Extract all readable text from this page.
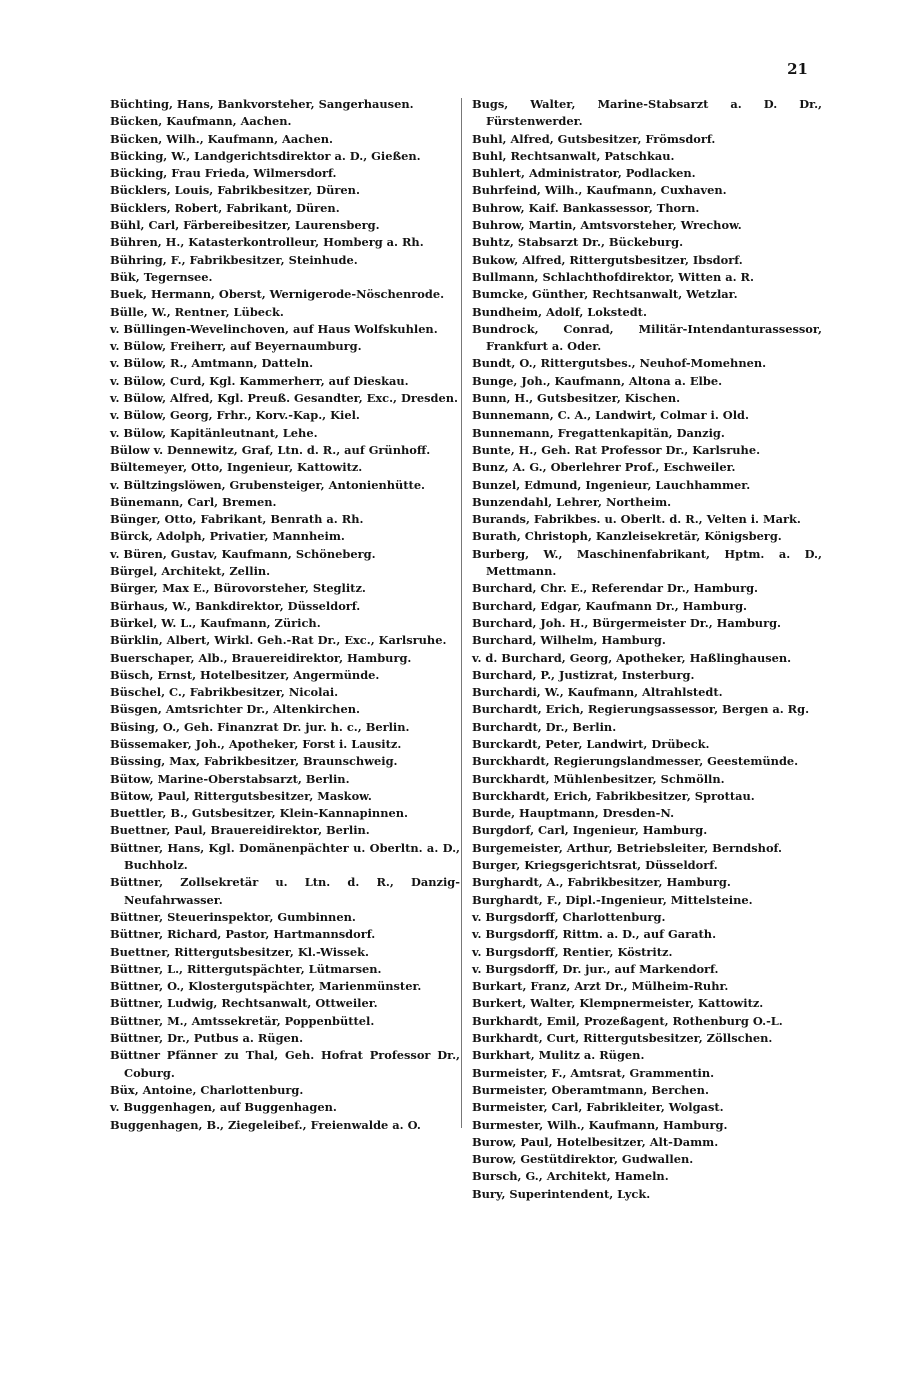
21
Büchting, Hans, Bankvorsteher, Sangerhausen.
Bücken, Kaufmann, Aachen.
Bücken, Wilh., Kaufmann, Aachen.
Bücking, W., Landgerichtsdirektor a. D., Gießen.
Bücking, Frau Frieda, Wilmersdorf.
Bücklers, Louis, Fabrikbesitzer, Düren.
Bücklers, Robert, Fabrikant, Düren.
Bühl, Carl, Färbereibesitzer, Laurensberg.
Bühren, H., Katasterkontrolleur, Homberg a. Rh.
Bühring, F., Fabrikbesitzer, Steinhude.
Bük, Tegernsee.
Buek, Hermann, Oberst, Wernigerode-Nöschenrode.
Bülle, W., Rentner, Lübeck.
v. Büllingen-Wevelinchoven, auf Haus Wolfskuhlen.
v. Bülow, Freiherr, auf Beyernaumburg.
v. Bülow, R., Amtmann, Datteln.
v. Bülow, Curd, Kgl. Kammerherr, auf Dieskau.
v. Bülow, Alfred, Kgl. Preuß. Gesandter, Exc., Dresden.
v. Bülow, Georg, Frhr., Korv.-Kap., Kiel.
v. Bülow, Kapitänleutnant, Lehe.
Bülow v. Dennewitz, Graf, Ltn. d. R., auf Grünhoff.
Bültemeyer, Otto, Ingenieur, Kattowitz.
v. Bültzingslöwen, Grubensteiger, Antonienhütte.
Bünemann, Carl, Bremen.
Bünger, Otto, Fabrikant, Benrath a. Rh.
Bürck, Adolph, Privatier, Mannheim.
v. Büren, Gustav, Kaufmann, Schöneberg.
Bürgel, Architekt, Zellin.
Bürger, Max E., Bürovorsteher, Steglitz.
Bürhaus, W., Bankdirektor, Düsseldorf.
Bürkel, W. L., Kaufmann, Zürich.
Bürklin, Albert, Wirkl. Geh.-Rat Dr., Exc., Karlsruhe.
Buerschaper, Alb., Brauereidirektor, Hamburg.
Büsch, Ernst, Hotelbesitzer, Angermünde.
Büschel, C., Fabrikbesitzer, Nicolai.
Büsgen, Amtsrichter Dr., Altenkirchen.
Büsing, O., Geh. Finanzrat Dr. jur. h. c., Berlin.
Büssemaker, Joh., Apotheker, Forst i. Lausitz.
Büssing, Max, Fabrikbesitzer, Braunschweig.
Bütow, Marine-Oberstabsarzt, Berlin.
Bütow, Paul, Rittergutsbesitzer, Maskow.
Buettler, B., Gutsbesitzer, Klein-Kannapinnen.
Buettner, Paul, Brauereidirektor, Berlin.
Büttner, Hans, Kgl. Domänenpächter u. Oberltn. a. D., Buchholz.
Büttner, Zollsekretär u. Ltn. d. R., Danzig-Neufahrwasser.
Büttner, Steuerinspektor, Gumbinnen.
Büttner, Richard, Pastor, Hartmannsdorf.
Buettner, Rittergutsbesitzer, Kl.-Wissek.
Büttner, L., Rittergutspächter, Lütmarsen.
Büttner, O., Klostergutspächter, Marienmünster.
Büttner, Ludwig, Rechtsanwalt, Ottweiler.
Büttner, M., Amtssekretär, Poppenbüttel.
Büttner, Dr., Putbus a. Rügen.
Büttner Pfänner zu Thal, Geh. Hofrat Professor Dr., Coburg.
Büx, Antoine, Charlottenburg.
v. Buggenhagen, auf Buggenhagen.
Buggenhagen, B., Ziegeleibef., Freienwalde a. O.
Bugs, Walter, Marine-Stabsarzt a. D. Dr., Fürstenwerder.
Buhl, Alfred, Gutsbesitzer, Frömsdorf.
Buhl, Rechtsanwalt, Patschkau.
Buhlert, Administrator, Podlacken.
Buhrfeind, Wilh., Kaufmann, Cuxhaven.
Buhrow, Kaif. Bankassessor, Thorn.
Buhrow, Martin, Amtsvorsteher, Wrechow.
Buhtz, Stabsarzt Dr., Bückeburg.
Bukow, Alfred, Rittergutsbesitzer, Ibsdorf.
Bullmann, Schlachthofdirektor, Witten a. R.
Bumcke, Günther, Rechtsanwalt, Wetzlar.
Bundheim, Adolf, Lokstedt.
Bundrock, Conrad, Militär-Intendanturassessor, Frankfurt a. Oder.
Bundt, O., Rittergutsbes., Neuhof-Momehnen.
Bunge, Joh., Kaufmann, Altona a. Elbe.
Bunn, H., Gutsbesitzer, Kischen.
Bunnemann, C. A., Landwirt, Colmar i. Old.
Bunnemann, Fregattenkapitän, Danzig.
Bunte, H., Geh. Rat Professor Dr., Karlsruhe.
Bunz, A. G., Oberlehrer Prof., Eschweiler.
Bunzel, Edmund, Ingenieur, Lauchhammer.
Bunzendahl, Lehrer, Northeim.
Burands, Fabrikbes. u. Oberlt. d. R., Velten i. Mark.
Burath, Christoph, Kanzleisekretär, Königsberg.
Burberg, W., Maschinenfabrikant, Hptm. a. D., Mettmann.
Burchard, Chr. E., Referendar Dr., Hamburg.
Burchard, Edgar, Kaufmann Dr., Hamburg.
Burchard, Joh. H., Bürgermeister Dr., Hamburg.
Burchard, Wilhelm, Hamburg.
v. d. Burchard, Georg, Apotheker, Haßlinghausen.
Burchard, P., Justizrat, Insterburg.
Burchardi, W., Kaufmann, Altrahlstedt.
Burchardt, Erich, Regierungsassessor, Bergen a. Rg.
Burchardt, Dr., Berlin.
Burckardt, Peter, Landwirt, Drübeck.
Burckhardt, Regierungslandmesser, Geestemünde.
Burckhardt, Mühlenbesitzer, Schmölln.
Burckhardt, Erich, Fabrikbesitzer, Sprottau.
Burde, Hauptmann, Dresden-N.
Burgdorf, Carl, Ingenieur, Hamburg.
Burgemeister, Arthur, Betriebsleiter, Berndshof.
Burger, Kriegsgerichtsrat, Düsseldorf.
Burghardt, A., Fabrikbesitzer, Hamburg.
Burghardt, F., Dipl.-Ingenieur, Mittelsteine.
v. Burgsdorff, Charlottenburg.
v. Burgsdorff, Rittm. a. D., auf Garath.
v. Burgsdorff, Rentier, Köstritz.
v. Burgsdorff, Dr. jur., auf Markendorf.
Burkart, Franz, Arzt Dr., Mülheim-Ruhr.
Burkert, Walter, Klempnermeister, Kattowitz.
Burkhardt, Emil, Prozeßagent, Rothenburg O.-L.
Burkhardt, Curt, Rittergutsbesitzer, Zöllschen.
Burkhart, Mulitz a. Rügen.
Burmeister, F., Amtsrat, Grammentin.
Burmeister, Oberamtmann, Berchen.
Burmeister, Carl, Fabrikleiter, Wolgast.
Burmester, Wilh., Kaufmann, Hamburg.
Burow, Paul, Hotelbesitzer, Alt-Damm.
Burow, Gestütdirektor, Gudwallen.
Bursch, G., Architekt, Hameln.
Bury, Superintendent, Lyck.
